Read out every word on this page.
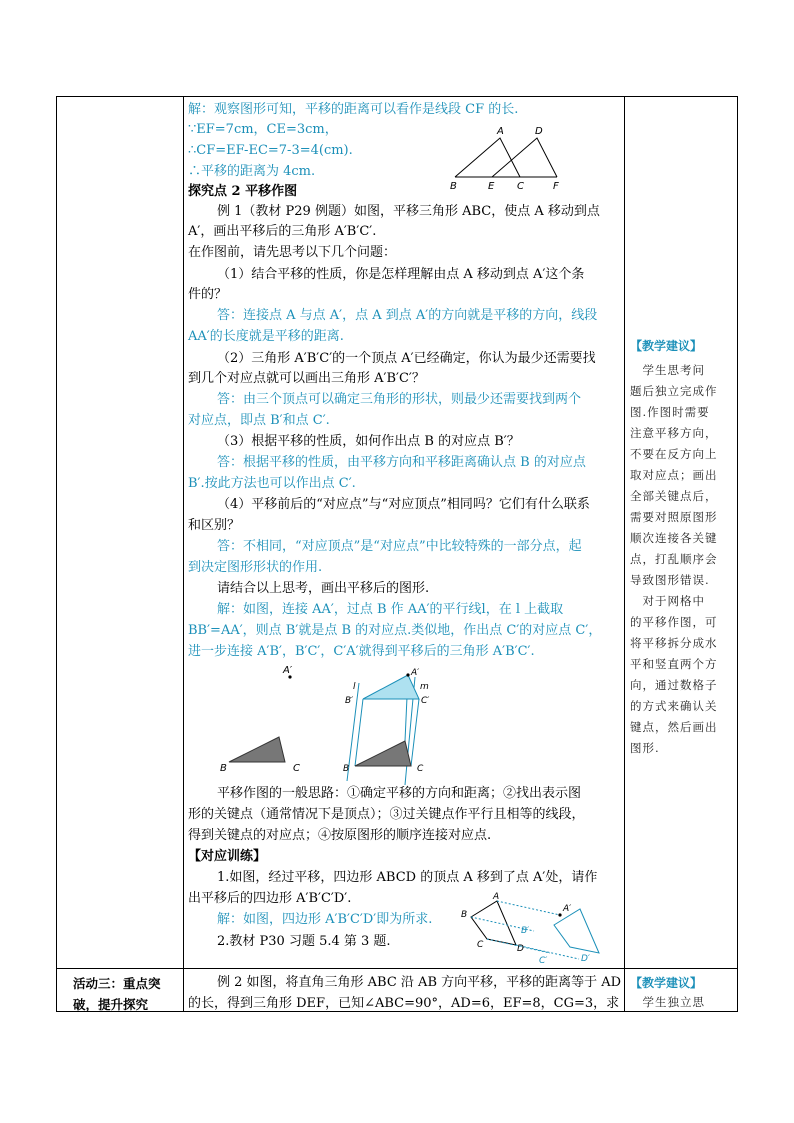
解：观察图形可知，平移的距离可以看作是线段 CF 的长.
∵EF=7cm，CE=3cm，
∴CF=EF-EC=7-3=4(cm).
∴平移的距离为 4cm.
A	D
B	E C	F
探究点 2 平移作图
例 1（教材 P29 例题）如图，平移三角形 ABC，使点 A 移动到点
A′，画出平移后的三角形 A′B′C′.
在作图前，请先思考以下几个问题：
（1）结合平移的性质，你是怎样理解由点 A 移动到点 A′这个条
件的？
答：连接点 A 与点 A′，点 A 到点 A′的方向就是平移的方向，线段
AA′的长度就是平移的距离.
（2）三角形 A′B′C′的一个顶点 A′已经确定，你认为最少还需要找
到几个对应点就可以画出三角形 A′B′C′？
答：由三个顶点可以确定三角形的形状，则最少还需要找到两个
对应点，即点 B′和点 C′.
（3）根据平移的性质，如何作出点 B 的对应点 B′？
答：根据平移的性质，由平移方向和平移距离确认点 B 的对应点
B′.按此方法也可以作出点 C′.
（4）平移前后的“对应点”与“对应顶点”相同吗？它们有什么联系
和区别？
答：不相同，“对应顶点”是“对应点”中比较特殊的一部分点，起
到决定图形形状的作用.
请结合以上思考，画出平移后的图形.
解：如图，连接 AA′，过点 B 作 AA′的平行线l，在 l 上截取
BB′=AA′，则点 B′就是点 B 的对应点.类似地，作出点 C′的对应点 C′，
进一步连接 A′B′，B′C′，C′A′就得到平移后的三角形 A′B′C′.
A′
B	C
A′
l	m
B′	C′
B	C
平移作图的一般思路：①确定平移的方向和距离；②找出表示图
形的关键点（通常情况下是顶点）；③过关键点作平行且相等的线段，
得到关键点的对应点；④按原图形的顺序连接对应点.
【对应训练】
1.如图，经过平移，四边形 ABCD 的顶点 A 移到了点 A′处，请作
出平移后的四边形 A′B′C′D′.
解：如图，四边形 A′B′C′D′即为所求.
2.教材 P30 习题 5.4 第 3 题.
A
A′
B
B′
C	D
C′	D′
活动三：重点突
破，提升探究
例 2 如图，将直角三角形 ABC 沿 AB 方向平移，平移的距离等于 AD
的长，得到三角形 DEF，已知∠ABC=90°，AD=6，EF=8，CG=3，求
【教学建议】
　学生思考问
题后独立完成作
图.作图时需要
注意平移方向，
不要在反方向上
取对应点；画出
全部关键点后，
需要对照原图形
顺次连接各关键
点，打乱顺序会
导致图形错误.
　对于网格中
的平移作图，可
将平移拆分成水
平和竖直两个方
向，通过数格子
的方式来确认关
键点，然后画出
图形.
【教学建议】
　学生独立思
